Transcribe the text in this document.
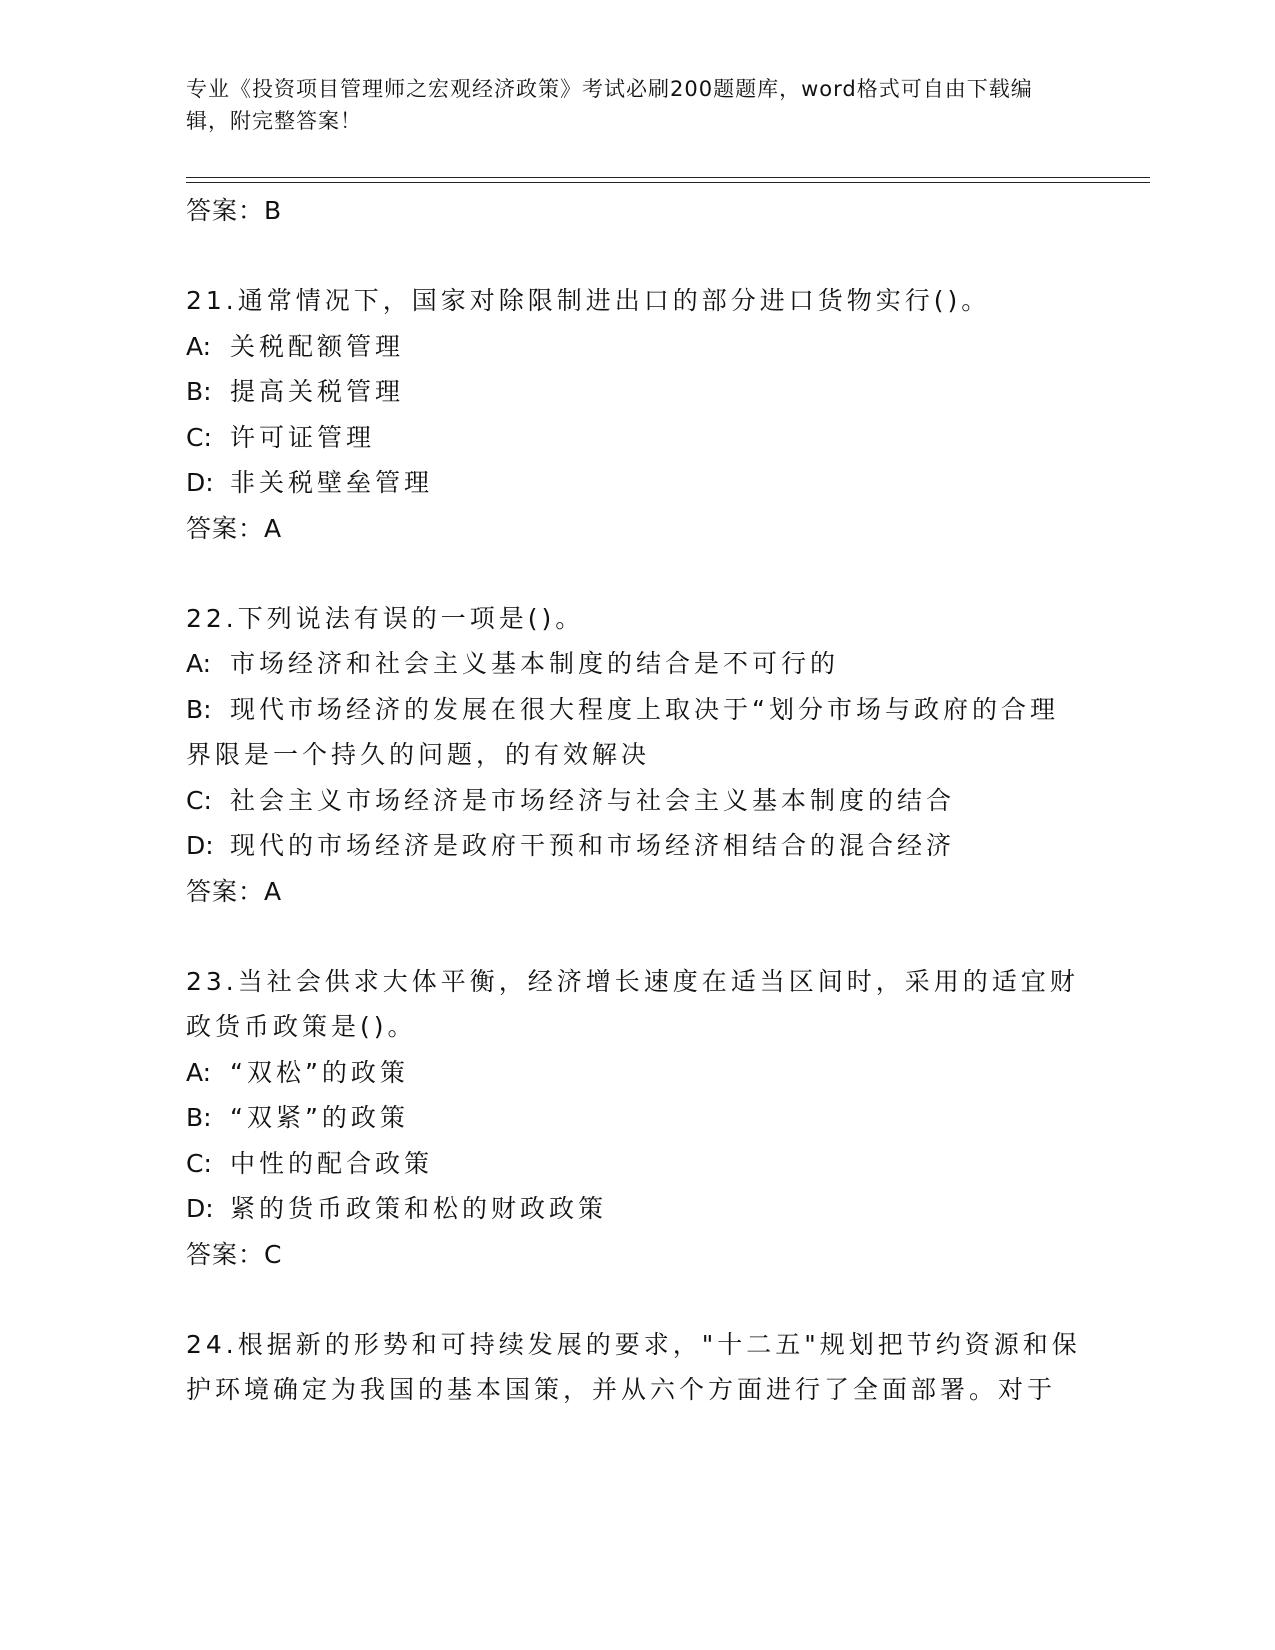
专业《投资项目管理师之宏观经济政策》考试必刷200题题库，word格式可自由下载编辑，附完整答案！
答案：B
21.通常情况下，国家对除限制进出口的部分进口货物实行()。
A: 关税配额管理
B: 提高关税管理
C: 许可证管理
D: 非关税壁垒管理
答案：A
22.下列说法有误的一项是()。
A: 市场经济和社会主义基本制度的结合是不可行的
B: 现代市场经济的发展在很大程度上取决于“划分市场与政府的合理界限是一个持久的问题，的有效解决
C: 社会主义市场经济是市场经济与社会主义基本制度的结合
D: 现代的市场经济是政府干预和市场经济相结合的混合经济
答案：A
23.当社会供求大体平衡，经济增长速度在适当区间时，采用的适宜财政货币政策是()。
A: “双松”的政策
B: “双紧”的政策
C: 中性的配合政策
D: 紧的货币政策和松的财政政策
答案：C
24.根据新的形势和可持续发展的要求，"十二五"规划把节约资源和保护环境确定为我国的基本国策，并从六个方面进行了全面部署。对于
